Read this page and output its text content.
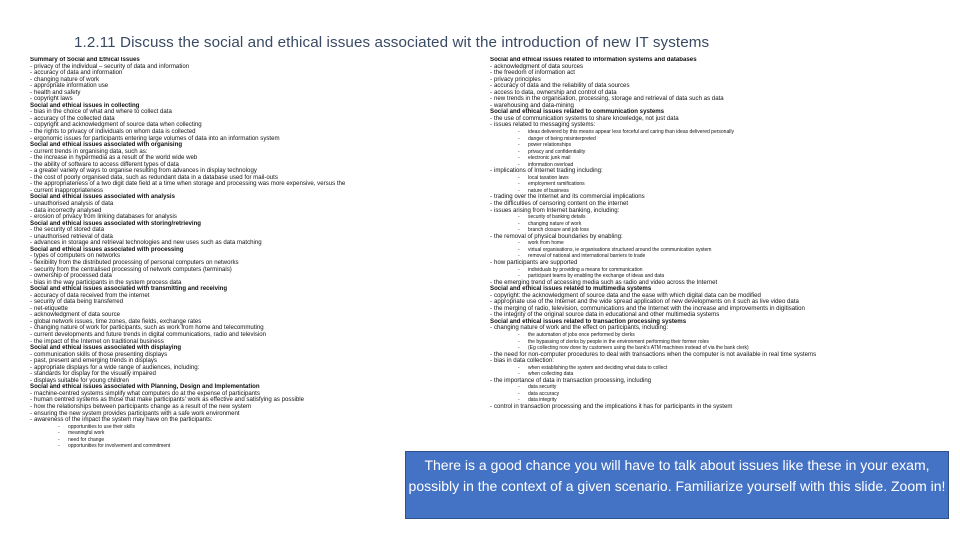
1.2.11 Discuss the social and ethical issues associated wit the introduction of new IT systems
Summary of Social and Ethical Issues
- privacy of the individual – security of data and information
- accuracy of data and information
- changing nature of work
- appropriate information use
- health and safety
- copyright laws
Social and ethical issues in collecting
- bias in the choice of what and where to collect data
- accuracy of the collected data
- copyright and acknowledgment of source data when collecting
- the rights to privacy of individuals on whom data is collected
- ergonomic issues for participants entering large volumes of data into an information system
Social and ethical issues associated with organising
- current trends in organising data, such as:
- the increase in hypermedia as a result of the world wide web
- the ability of software to access different types of data
- a greater variety of ways to organise resulting from advances in display technology
- the cost of poorly organised data, such as redundant data in a database used for mail-outs
- the appropriateness of a two digit date field at a time when storage and processing was more expensive, versus the
- current inappropriateness
Social and ethical issues associated with analysis
- unauthorised analysis of data
- data incorrectly analysed
- erosion of privacy from linking databases for analysis
Social and ethical issues associated with storing/retrieving
- the security of stored data
- unauthorised retrieval of data
- advances in storage and retrieval technologies and new uses such as data matching
Social and ethical issues associated with processing
- types of computers on networks
- flexibility from the distributed processing of personal computers on networks
- security from the centralised processing of network computers (terminals)
- ownership of processed data
- bias in the way participants in the system process data
Social and ethical issues associated with transmitting and receiving
- accuracy of data received from the internet
- security of data being transferred
- net-etiquette
- acknowledgment of data source
- global network issues, time zones, date fields, exchange rates
- changing nature of work for participants, such as work from home and telecommuting
- current developments and future trends in digital communications, radio and television
- the impact of the Internet on traditional business
Social and ethical issues associated with displaying
- communication skills of those presenting displays
- past, present and emerging trends in displays
- appropriate displays for a wide range of audiences, including:
- standards for display for the visually impaired
- displays suitable for young children
Social and ethical issues associated with Planning, Design and Implementation
- machine-centred systems simplify what computers do at the expense of participants
- human centred systems as those that make participants' work as effective and satisfying as possible
- how the relationships between participants change as a result of the new system
- ensuring the new system provides participants with a safe work environment
- awareness of the impact the system may have on the participants:
- opportunities to use their skills
- meaningful work
- need for change
- opportunities for involvement and commitment
Social and ethical issues related to information systems and databases
- acknowledgment of data sources
- the freedom of information act
- privacy principles
- accuracy of data and the reliability of data sources
- access to data, ownership and control of data
- new trends in the organisation, processing, storage and retrieval of data such as data
- warehousing and data-mining
Social and ethical issues related to communication systems
- the use of communication systems to share knowledge, not just data
- issues related to messaging systems:
- ideas delivered by this means appear less forceful and caring than ideas delivered personally
- danger of being misinterpreted
- power relationships
- privacy and confidentiality
- electronic junk mail
- information overload
- implications of Internet trading including:
- local taxation laws
- employment ramifications
- nature of business
- trading over the Internet and its commercial implications
- the difficulties of censoring content on the internet
- issues arising from Internet banking, including:
- security of banking details
- changing nature of work
- branch closure and job loss
- the removal of physical boundaries by enabling:
- work from home
- virtual organisations, ie organisations structured around the communication system
- removal of national and international barriers to trade
- how participants are supported
- individuals by providing a means for communication
- participant teams by enabling the exchange of ideas and data
- the emerging trend of accessing media such as radio and video across the Internet
Social and ethical issues related to multimedia systems
- copyright: the acknowledgment of source data and the ease with which digital data can be modified
- appropriate use of the Internet and the wide spread application of new developments on it such as live video data
- the merging of radio, television, communications and the Internet with the increase and improvements in digitisation
- the integrity of the original source data in educational and other multimedia systems
Social and ethical issues related to transaction processing systems
- changing nature of work and the effect on participants, including:
- the automation of jobs once performed by clerks
- the bypassing of clerks by people in the environment performing their former roles
- (Eg collecting now done by customers using the bank's ATM machines instead of via the bank clerk)
- the need for non-computer procedures to deal with transactions when the computer is not available in real time systems
- bias in data collection:
- when establishing the system and deciding what data to collect
- when collecting data
- the importance of data in transaction processing, including
- data security
- data accuracy
- data integrity
- control in transaction processing and the implications it has for participants in the system
There is a good chance you will have to talk about issues like these in your exam, possibly in the context of a given scenario. Familiarize yourself with this slide. Zoom in!
